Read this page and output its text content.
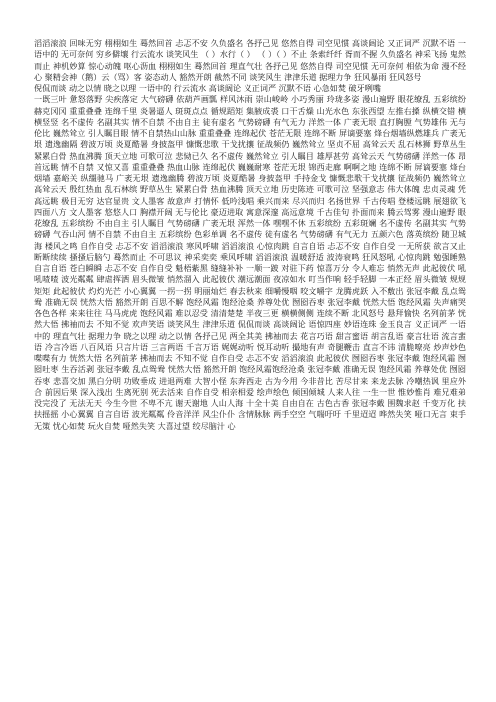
滔滔滚浪 回味无穷 栩栩如生 蓦然回首 忐忑不安 久负盛名 各抒己见 悠然自得 司空见惯 高谈阔论 又正词严 沉默不语 一语中的 无可奈何 穷乡僻壤 行云流水 谈笑风生 （ ）水行（ ） （ ）（ ）不止 条索纤纤 胥而不握 久负盛名 神采飞扬 鬼然而止 神机妙算 惊心动魄 呕心沥血 栩栩如生 蓦然回首 理直气壮 各抒己见 悠然自得 司空见惯 无可奈何 相依为命 漫不经心 聚精会神（鹅）云（骂）客 姿态动人 豁然开朗 截然不同 谈笑风生 津津乐道 据理力争 狂风暴雨 狂风怒号

倪侃而谈 动之以情 晓之以理 一语中的 行云流水 高谈阔论 义正词严 沉默不语 心急如焚 破牙咧嘴

一既三叶 惫怒落野 尖疾落定 大气磅礴 依葫芦画瓢 样风沐雨 崇山峻岭 小巧秀丽 玲珑多姿 漫山遍野 眼花缭乱 五彩缤纷 赫克冈冈 重重叠叠 连绵千里 炎暑逼人 斑斑点点 循规蹈矩 集腋成裘 口干舌燥 山光水色 东张西望 左推右搡 纵横交错 横横竖竖 名不虚传 名副其实 情不自禁 不由自主 徒有虚名 气势磅礴 有气无力 洋然一体 广袤无垠 直打胸膛 气势雄伟 无与伦比 巍然耸立 引人瞩目眼 情不自禁热山山脉 重重叠叠 连绵起伏 苍茫无限 连绵不断 屏谪要塞 烽台烟墙纵燃雄兵 广袤无垠 遗逸幽隔 碧波万顷 炎夏酷暑 身披盔甲 慷慨悲歌 干戈扰攘 征战频仍 巍然耸立 坚贞不屈 高耸云天 乱石林狮 野草丛生 紧累白骨 热血沸腾 顶天立地 可歌可泣 悲恸已久 名不虚传 巍然耸立 引人瞩目 雄厚甚劳 高耸云天 气势磅礴 洋然一体 昂首远眺 情不自禁 又惊又喜 重重叠叠 热血山脉 连绵起伏 巍巍耐寒 苍茫无垠 锦西走廊 啊啊之地 连绵不断 屏谪要塞 烽台烟墙 嘉峪关 纵缰驰马 广袤无垠 遗逸幽腾 碧波万顷 炎夏酷暑 身披盔甲 手持金戈 慷慨悲歌干戈扰攘 征战频仍 巍然耸立 高耸云天 殷红热血 乱石林缤 野草丛生 紧累白骨 热血沸腾 顶天立地 历史陈迹 可歌可泣 坚强意志 伟大体魄 忠贞灵魂 凭高远眺 极目无穷 达官显贵 文人墨客 故意声 打情怀 低吟浅唱 乘兴而来 尽兴而归 名扬世界 千古传唱 登楼远眺 展翅欲飞 四面八方 文人墨客 悠悠人口 胸襟开阔 无与伦比 豪迈进取 寓意深邃 高远意境 千古佳句 扑面而来 腾云驾雾 漫山遍野 眼花缭乱 五彩缤纷 不由自主 引人瞩目 气势磅礴 广袤无垠 浑然一体 嘿嘿不休 五彩缤纷 五彩斑斓 名不虚传 名副其实 气势磅礴 气吞山河 情不自禁 不由自主 五彩缤纷 色彩单调 名不虚传 徒有虚名 气势磅礴 有气无力 五颜六色 落英缤纷 随卫城海 楼风之鸣 自作自受 忐忑不安 滔滔滚浪 寒风呼啸 滔滔滚浪 心惊肉跳 自言自语 忐忑不安 自作自受 一无所获 欲言又止 断断续续 搔搔后脑勺 蓦然而止 不可思议 神采奕奕 乘风呼啸 滔滔滚浪 温暖舒适 波涛衰鸣 狂风怒吼 心惊肉跳 勉强睡熟 自言自语 苍白瞬瞬 忐忑不安 自作自受 魁梧紫黑 缝缝补补 一顺一跛 对驻下药 惊喜万分 令人难忘 悄然无声 此起彼伏 吼吼喳喳 波光粼粼 肆虐挥洒 眉头微皱 悄然溜入 此起彼伏 潮远潮面 夜凉如水 叮当作响 轻手轻脚 一本正经 眉头微皱 规规矩矩 此起彼伏 灼灼光芒 小心翼翼 一拐一拐 明丽灿烂 春去秋来 细嚼慢咽 咬文嚼字 龙腾虎跃 入不敷出 张冠李戴 乱点鸳鸯 准确无误 恍然大悟 豁然开朗 百思不解 饱经风霜 饱经沧桑 养尊处优 囫囵吞枣 张冠李戴 恍然大悟 饱经风霜 失声痛哭 各色各样 来来往往 马马虎虎 饱经风霜 难以忍受 清清楚楚 半夜三更 横横侧侧 连续不断 北风怒号 悬拜愉快 名列前茅 恍然大悟 拂袖而去 不知不觉 欢声笑语 谈笑风生 津津乐道 侃侃而谈 高谈阔论 语惊四座 妙语连珠 金玉良言 义正词严 一语中的 理直气壮 据理力争 晓之以理 动之以情 各抒己见 两全其美 拂袖而去 花言巧语 甜言蜜语 胡言乱语 豪言壮语 流言蜚语 冷言冷语 八百风语 只言片语 三言两语 千言万语 娓娓动听 悦耳动听 撮地有声 奇腿鞭击 直言不讳 清脆嘹亮 炒声炒色 喋喋有力 恍然大悟 名列前茅 拂袖而去 不知不觉 自作自受 忐忑不安 滔滔滚浪 此起彼伏 囫囵吞枣 张冠李戴 饱经风霜 囫囵吐枣 生吞活剥 张冠李戴 乱点鸳鸯 恍然大悟 豁然开朗 饱经风霜饱经沧桑 张冠李戴 准确无误 饱经风霜 养尊处优 囫囵吞枣 悲喜交加 黑白分明 功败垂成 进退两难 大智小怪 东奔西走 古为今用 今非昔比 苦尽甘来 来龙去脉 冷嘲热讽 里应外合 前因后果 深入浅出 生离死别 死去活来 自作自受 相亲相爱 绘声绘色 倾国倾城 人来人往 一生一世 惟妙惟肖 难兄难弟 没完没了 无法无天 今生今世 不卑不亢 谢天谢地 人山人海 十全十美 自由自在 古色古香 张冠李戴 围魏求赵 千变万化 扶扶摇摇 小心翼翼 自言自语 波光粼粼 伶音洋洋 风尘仆仆 含情脉脉 两手空空 气喘吁吁 千里迢迢 哗然失笑 哑口无言 束手无策 忧心如焚 玩火自焚 哑然失笑 大喜过望 绞尽脑汁 心
